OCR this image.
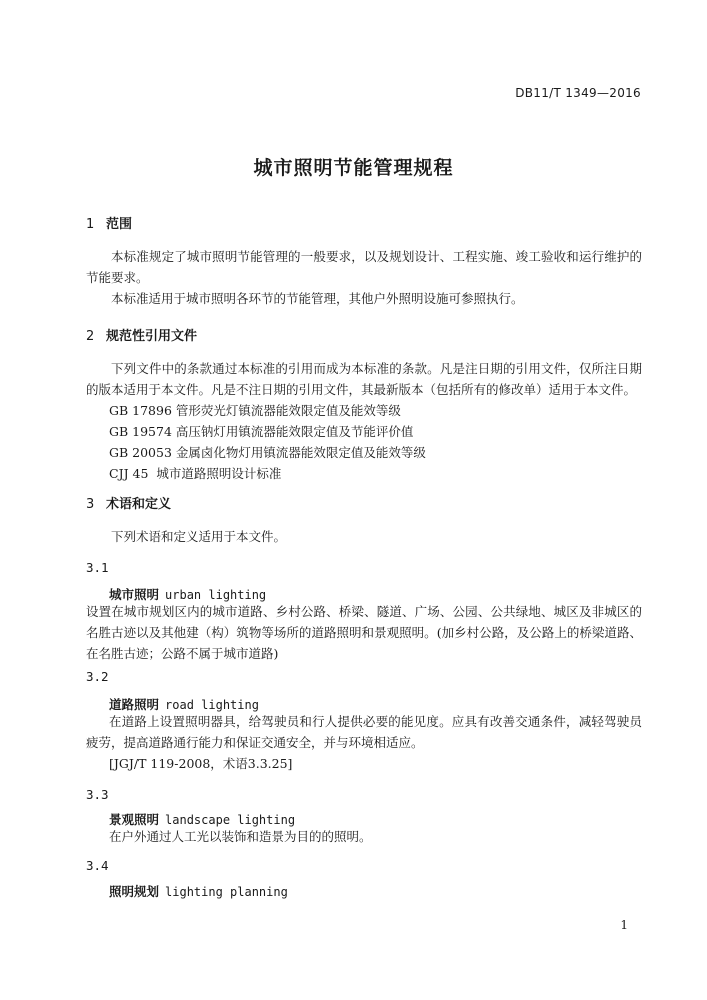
DB11/T 1349—2016
城市照明节能管理规程
1 范围
本标准规定了城市照明节能管理的一般要求，以及规划设计、工程实施、竣工验收和运行维护的节能要求。
本标准适用于城市照明各环节的节能管理，其他户外照明设施可参照执行。
2 规范性引用文件
下列文件中的条款通过本标准的引用而成为本标准的条款。凡是注日期的引用文件，仅所注日期的版本适用于本文件。凡是不注日期的引用文件，其最新版本（包括所有的修改单）适用于本文件。
GB 17896 管形荧光灯镇流器能效限定值及能效等级
GB 19574 高压钠灯用镇流器能效限定值及节能评价值
GB 20053 金属卤化物灯用镇流器能效限定值及能效等级
CJJ 45  城市道路照明设计标准
3 术语和定义
下列术语和定义适用于本文件。
3.1
城市照明 urban lighting
设置在城市规划区内的城市道路、乡村公路、桥梁、隧道、广场、公园、公共绿地、城区及非城区的名胜古迹以及其他建（构）筑物等场所的道路照明和景观照明。(加乡村公路，及公路上的桥梁道路、在名胜古迹；公路不属于城市道路)
3.2
道路照明 road lighting
在道路上设置照明器具，给驾驶员和行人提供必要的能见度。应具有改善交通条件，减轻驾驶员疲劳，提高道路通行能力和保证交通安全，并与环境相适应。
[JGJ/T 119-2008，术语3.3.25]
3.3
景观照明 landscape lighting
在户外通过人工光以装饰和造景为目的的照明。
3.4
照明规划 lighting planning
1
